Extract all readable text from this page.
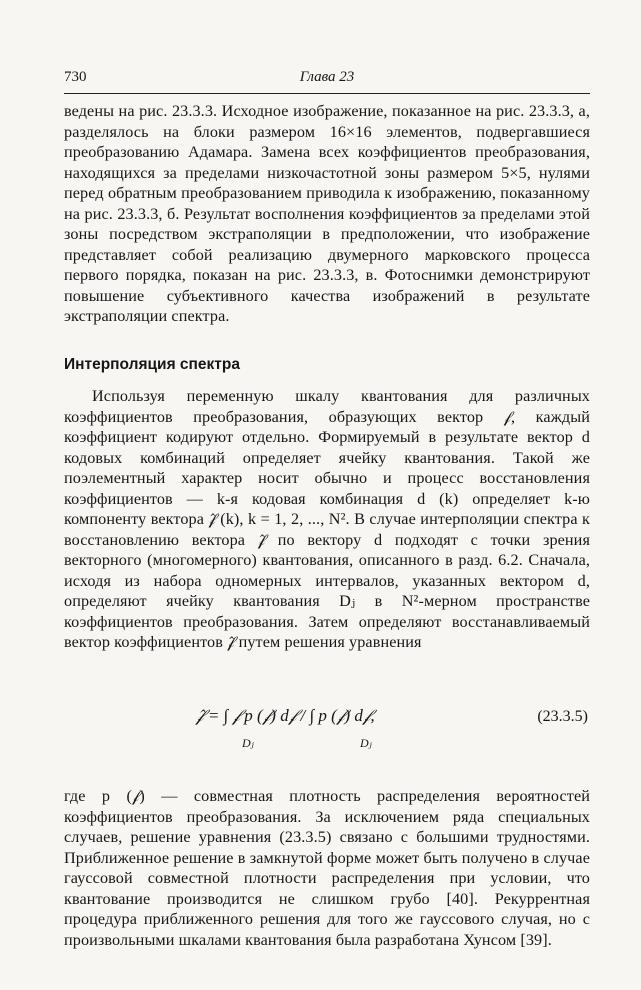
730	Глава 23

ведены на рис. 23.3.3. Исходное изображение, показанное на рис. 23.3.3, а, разделялось на блоки размером 16×16 элементов, подвергавшиеся преобразованию Адамара. Замена всех коэффициентов преобразования, находящихся за пределами низкочастотной зоны размером 5×5, нулями перед обратным преобразованием приводила к изображению, показанному на рис. 23.3.3, б. Результат восполнения коэффициентов за пределами этой зоны посредством экстраполяции в предположении, что изображение представляет собой реализацию двумерного марковского процесса первого порядка, показан на рис. 23.3.3, в. Фотоснимки демонстрируют повышение субъективного качества изображений в результате экстраполяции спектра.

Интерполяция спектра

Используя переменную шкалу квантования для различных коэффициентов преобразования, образующих вектор 𝒻, каждый коэффициент кодируют отдельно. Формируемый в результате вектор d кодовых комбинаций определяет ячейку квантования. Такой же поэлементный характер носит обычно и процесс восстановления коэффициентов — k-я кодовая комбинация d (k) определяет k-ю компоненту вектора 𝒻̂ (k), k = 1, 2, ..., N². В случае интерполяции спектра к восстановлению вектора 𝒻̂ по вектору d подходят с точки зрения векторного (многомерного) квантования, описанного в разд. 6.2. Сначала, исходя из набора одномерных интервалов, указанных вектором d, определяют ячейку квантования Dⱼ в N²-мерном пространстве коэффициентов преобразования. Затем определяют восстанавливаемый вектор коэффициентов 𝒻̂ путем решения уравнения

𝒻̂ = ∫ 𝒻 p (𝒻) d𝒻 / ∫ p (𝒻) d𝒻,
Dⱼ	Dⱼ
(23.3.5)

где p (𝒻) — совместная плотность распределения вероятностей коэффициентов преобразования. За исключением ряда специальных случаев, решение уравнения (23.3.5) связано с большими трудностями. Приближенное решение в замкнутой форме может быть получено в случае гауссовой совместной плотности распределения при условии, что квантование производится не слишком грубо [40]. Рекуррентная процедура приближенного решения для того же гауссового случая, но с произвольными шкалами квантования была разработана Хунсом [39].
